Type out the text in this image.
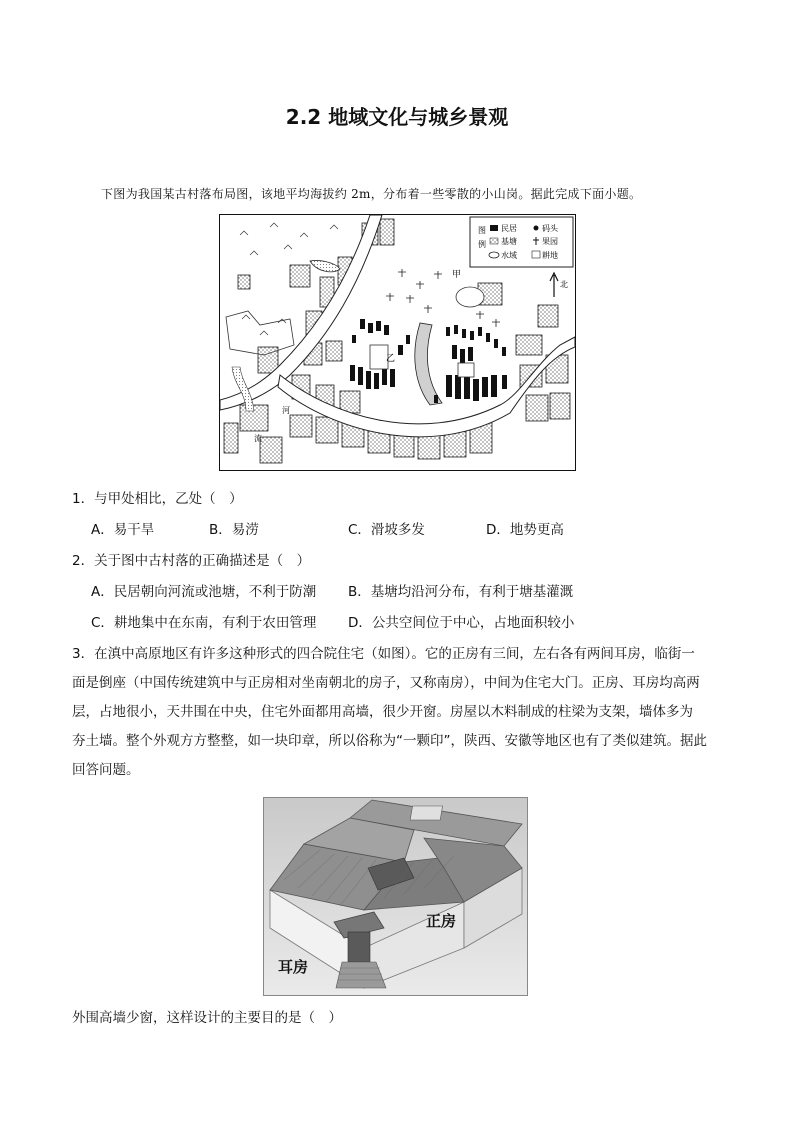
2.2 地域文化与城乡景观
下图为我国某古村落布局图，该地平均海拔约 2m，分布着一些零散的小山岗。据此完成下面小题。
甲
乙
河
流
图
例
民居	码头
基塘	果园
水域	耕地
北
1．与甲处相比，乙处（　）
A．易干旱	B．易涝	C．滑坡多发	D．地势更高
2．关于图中古村落的正确描述是（　）
A．民居朝向河流或池塘，不利于防潮 B．基塘均沿河分布，有利于塘基灌溉
C．耕地集中在东南，有利于农田管理 D．公共空间位于中心，占地面积较小
3．在滇中高原地区有许多这种形式的四合院住宅（如图）。它的正房有三间，左右各有两间耳房，临街一
面是倒座（中国传统建筑中与正房相对坐南朝北的房子，又称南房），中间为住宅大门。正房、耳房均高两
层，占地很小，天井围在中央，住宅外面都用高墙，很少开窗。房屋以木料制成的柱梁为支架，墙体多为
夯土墙。整个外观方方整整，如一块印章，所以俗称为“一颗印”，陕西、安徽等地区也有了类似建筑。据此
回答问题。
正房
耳房
外围高墙少窗，这样设计的主要目的是（　）
